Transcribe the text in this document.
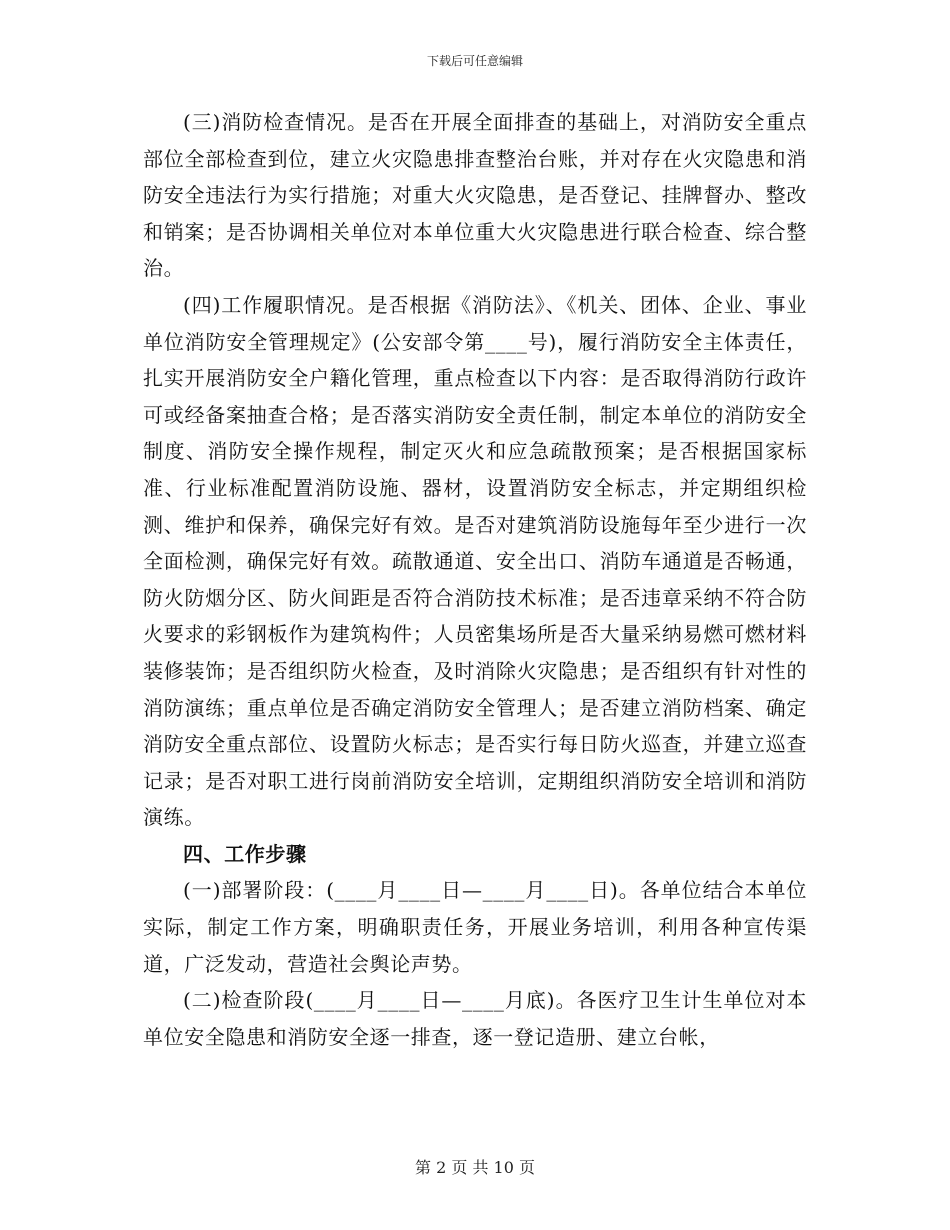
下载后可任意编辑

(三)消防检查情况。是否在开展全面排查的基础上，对消防安全重点部位全部检查到位，建立火灾隐患排查整治台账，并对存在火灾隐患和消防安全违法行为实行措施；对重大火灾隐患，是否登记、挂牌督办、整改和销案；是否协调相关单位对本单位重大火灾隐患进行联合检查、综合整治。

(四)工作履职情况。是否根据《消防法》、《机关、团体、企业、事业单位消防安全管理规定》(公安部令第____号)，履行消防安全主体责任，扎实开展消防安全户籍化管理，重点检查以下内容：是否取得消防行政许可或经备案抽查合格；是否落实消防安全责任制，制定本单位的消防安全制度、消防安全操作规程，制定灭火和应急疏散预案；是否根据国家标准、行业标准配置消防设施、器材，设置消防安全标志，并定期组织检测、维护和保养，确保完好有效。是否对建筑消防设施每年至少进行一次全面检测，确保完好有效。疏散通道、安全出口、消防车通道是否畅通，防火防烟分区、防火间距是否符合消防技术标准；是否违章采纳不符合防火要求的彩钢板作为建筑构件；人员密集场所是否大量采纳易燃可燃材料装修装饰；是否组织防火检查，及时消除火灾隐患；是否组织有针对性的消防演练；重点单位是否确定消防安全管理人；是否建立消防档案、确定消防安全重点部位、设置防火标志；是否实行每日防火巡查，并建立巡查记录；是否对职工进行岗前消防安全培训，定期组织消防安全培训和消防演练。

四、工作步骤

(一)部署阶段：(____月____日—____月____日)。各单位结合本单位实际，制定工作方案，明确职责任务，开展业务培训，利用各种宣传渠道，广泛发动，营造社会舆论声势。

(二)检查阶段(____月____日—____月底)。各医疗卫生计生单位对本单位安全隐患和消防安全逐一排查，逐一登记造册、建立台帐，

第 2 页 共 10 页
